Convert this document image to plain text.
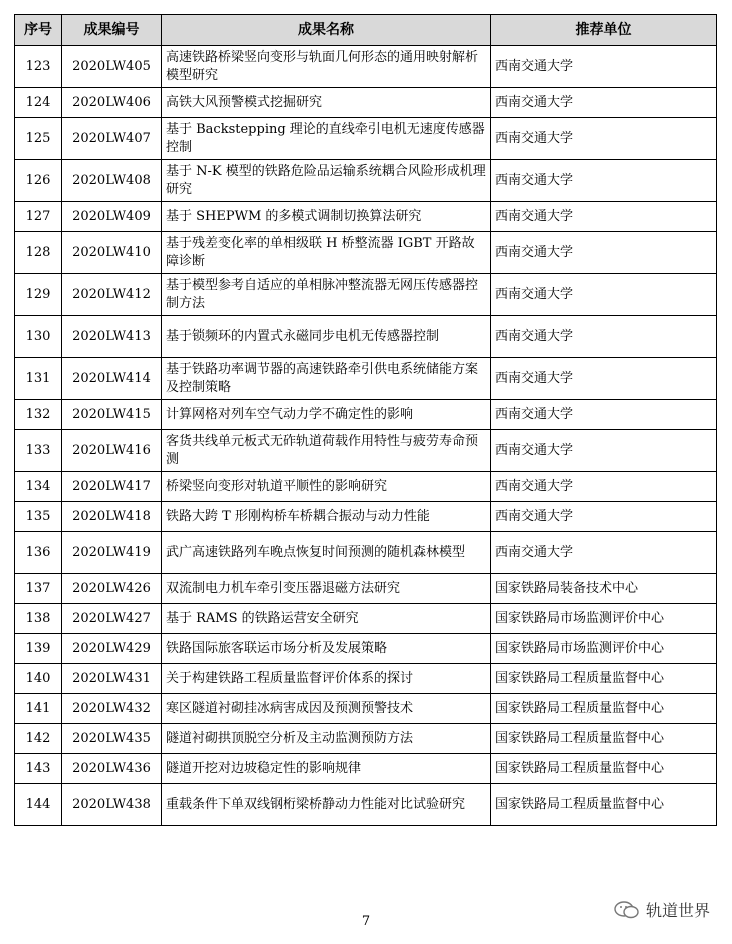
序号	成果编号	成果名称	推荐单位
123	2020LW405	高速铁路桥梁竖向变形与轨面几何形态的通用映射解析模型研究	西南交通大学
124	2020LW406	高铁大风预警模式挖掘研究	西南交通大学
125	2020LW407	基于 Backstepping 理论的直线牵引电机无速度传感器控制	西南交通大学
126	2020LW408	基于 N-K 模型的铁路危险品运输系统耦合风险形成机理研究	西南交通大学
127	2020LW409	基于 SHEPWM 的多模式调制切换算法研究	西南交通大学
128	2020LW410	基于残差变化率的单相级联 H 桥整流器 IGBT 开路故障诊断	西南交通大学
129	2020LW412	基于模型参考自适应的单相脉冲整流器无网压传感器控制方法	西南交通大学
130	2020LW413	基于锁频环的内置式永磁同步电机无传感器控制	西南交通大学
131	2020LW414	基于铁路功率调节器的高速铁路牵引供电系统储能方案及控制策略	西南交通大学
132	2020LW415	计算网格对列车空气动力学不确定性的影响	西南交通大学
133	2020LW416	客货共线单元板式无砟轨道荷载作用特性与疲劳寿命预测	西南交通大学
134	2020LW417	桥梁竖向变形对轨道平顺性的影响研究	西南交通大学
135	2020LW418	铁路大跨 T 形刚构桥车桥耦合振动与动力性能	西南交通大学
136	2020LW419	武广高速铁路列车晚点恢复时间预测的随机森林模型	西南交通大学
137	2020LW426	双流制电力机车牵引变压器退磁方法研究	国家铁路局装备技术中心
138	2020LW427	基于 RAMS 的铁路运营安全研究	国家铁路局市场监测评价中心
139	2020LW429	铁路国际旅客联运市场分析及发展策略	国家铁路局市场监测评价中心
140	2020LW431	关于构建铁路工程质量监督评价体系的探讨	国家铁路局工程质量监督中心
141	2020LW432	寒区隧道衬砌挂冰病害成因及预测预警技术	国家铁路局工程质量监督中心
142	2020LW435	隧道衬砌拱顶脱空分析及主动监测预防方法	国家铁路局工程质量监督中心
143	2020LW436	隧道开挖对边坡稳定性的影响规律	国家铁路局工程质量监督中心
144	2020LW438	重载条件下单双线钢桁梁桥静动力性能对比试验研究	国家铁路局工程质量监督中心
7
轨道世界
